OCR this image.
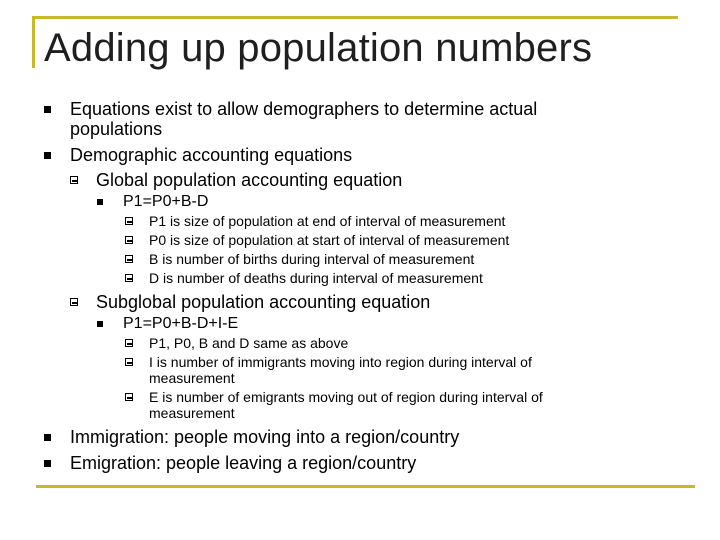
Adding up population numbers
Equations exist to allow demographers to determine actual
populations
Demographic accounting equations
Global population accounting equation
P1=P0+B-D
P1 is size of population at end of interval of measurement
P0 is size of population at start of interval of measurement
B is number of births during interval of measurement
D is number of deaths during interval of measurement
Subglobal population accounting equation
P1=P0+B-D+I-E
P1, P0, B and D same as above
I is number of immigrants moving into region during interval of
measurement
E is number of emigrants moving out of region during interval of
measurement
Immigration: people moving into a region/country
Emigration: people leaving a region/country
